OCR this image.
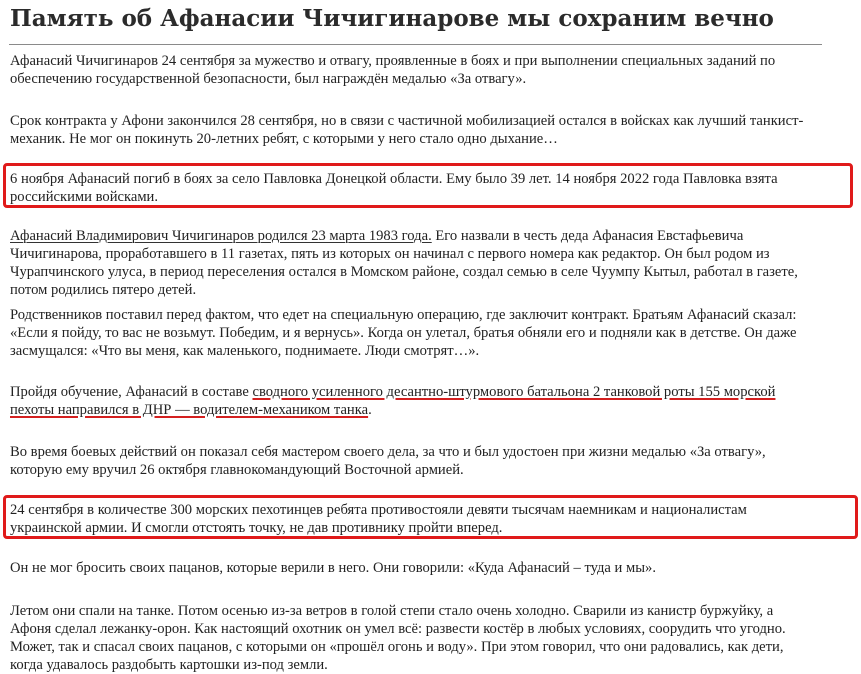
Память об Афанасии Чичигинарове мы сохраним вечно

Афанасий Чичигинаров 24 сентября за мужество и отвагу, проявленные в боях и при выполнении специальных заданий по
обеспечению государственной безопасности, был награждён медалью «За отвагу».

Срок контракта у Афони закончился 28 сентября, но в связи с частичной мобилизацией остался в войсках как лучший танкист-
механик. Не мог он покинуть 20-летних ребят, с которыми у него стало одно дыхание…

6 ноября Афанасий погиб в боях за село Павловка Донецкой области. Ему было 39 лет. 14 ноября 2022 года Павловка взята
российскими войсками.

Афанасий Владимирович Чичигинаров родился 23 марта 1983 года. Его назвали в честь деда Афанасия Евстафьевича
Чичигинарова, проработавшего в 11 газетах, пять из которых он начинал с первого номера как редактор. Он был родом из
Чурапчинского улуса, в период переселения остался в Момском районе, создал семью в селе Чуумпу Кытыл, работал в газете,
потом родились пятеро детей.

Родственников поставил перед фактом, что едет на специальную операцию, где заключит контракт. Братьям Афанасий сказал:
«Если я пойду, то вас не возьмут. Победим, и я вернусь». Когда он улетал, братья обняли его и подняли как в детстве. Он даже
засмущался: «Что вы меня, как маленького, поднимаете. Люди смотрят…».

Пройдя обучение, Афанасий в составе сводного усиленного десантно-штурмового батальона 2 танковой роты 155 морской
пехоты направился в ДНР — водителем-механиком танка.

Во время боевых действий он показал себя мастером своего дела, за что и был удостоен при жизни медалью «За отвагу»,
которую ему вручил 26 октября главнокомандующий Восточной армией.

24 сентября в количестве 300 морских пехотинцев ребята противостояли девяти тысячам наемникам и националистам
украинской армии. И смогли отстоять точку, не дав противнику пройти вперед.

Он не мог бросить своих пацанов, которые верили в него. Они говорили: «Куда Афанасий – туда и мы».

Летом они спали на танке. Потом осенью из-за ветров в голой степи стало очень холодно. Сварили из канистр буржуйку, а
Афоня сделал лежанку-орон. Как настоящий охотник он умел всё: развести костёр в любых условиях, соорудить что угодно.
Может, так и спасал своих пацанов, с которыми он «прошёл огонь и воду». При этом говорил, что они радовались, как дети,
когда удавалось раздобыть картошки из-под земли.
